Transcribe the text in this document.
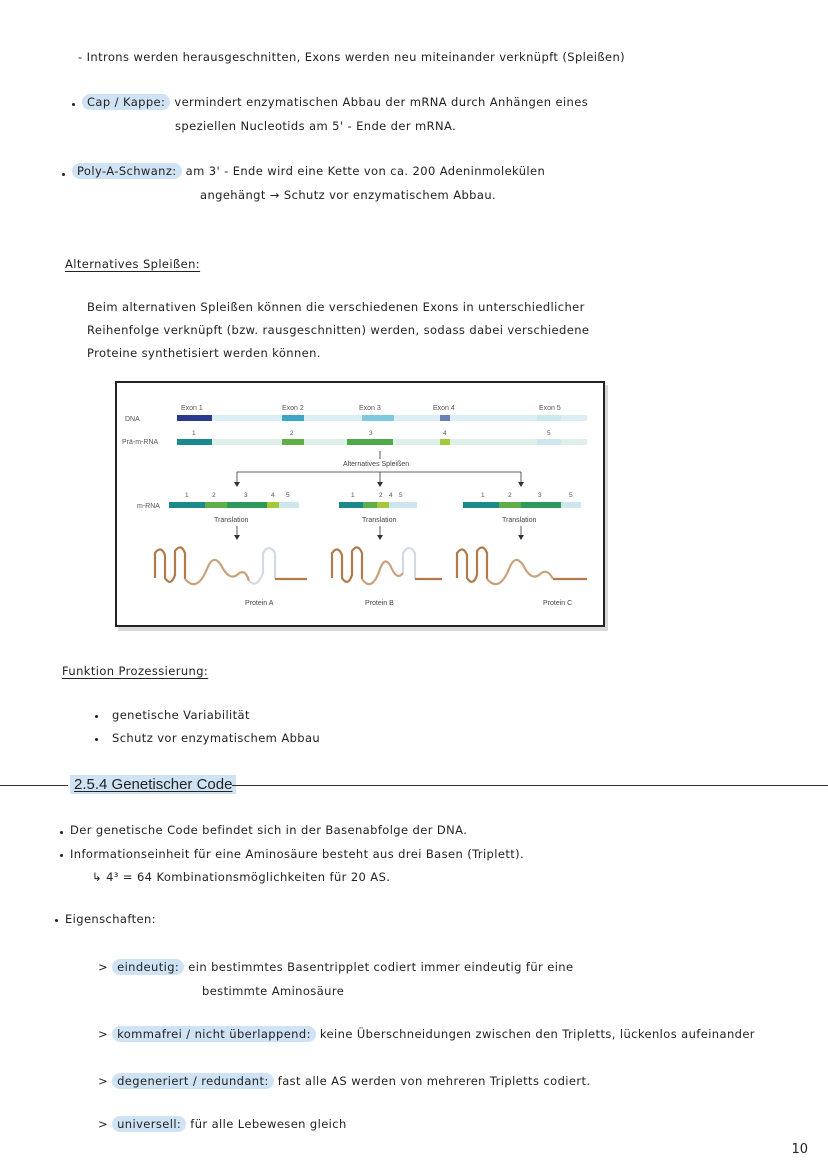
- Introns werden herausgeschnitten, Exons werden neu miteinander verknüpft (Spleißen)
Cap / Kappe: vermindert enzymatischen Abbau der mRNA durch Anhängen eines
speziellen Nucleotids am 5' - Ende der mRNA.
Poly-A-Schwanz: am 3' - Ende wird eine Kette von ca. 200 Adeninmolekülen
angehängt → Schutz vor enzymatischem Abbau.
Alternatives Spleißen:
Beim alternativen Spleißen können die verschiedenen Exons in unterschiedlicher
Reihenfolge verknüpft (bzw. rausgeschnitten) werden, sodass dabei verschiedene
Proteine synthetisiert werden können.
DNA
Exon 1	Exon 2	Exon 3	Exon 4	Exon 5
Prä-m-RNA
1	2	3	4	5
Alternatives Spleißen
m-RNA
1	2	3	4 5	1	2 4 5	1	2	3	5
Translation	Translation	Translation
Protein A	Protein B	Protein C
Funktion Prozessierung:
genetische Variabilität
Schutz vor enzymatischem Abbau
2.5.4 Genetischer Code
Der genetische Code befindet sich in der Basenabfolge der DNA.
Informationseinheit für eine Aminosäure besteht aus drei Basen (Triplett).
↳ 4³ = 64 Kombinationsmöglichkeiten für 20 AS.
Eigenschaften:
> eindeutig: ein bestimmtes Basentripplet codiert immer eindeutig für eine
bestimmte Aminosäure
> kommafrei / nicht überlappend: keine Überschneidungen zwischen den Tripletts, lückenlos aufeinander
> degeneriert / redundant: fast alle AS werden von mehreren Tripletts codiert.
> universell: für alle Lebewesen gleich
10
